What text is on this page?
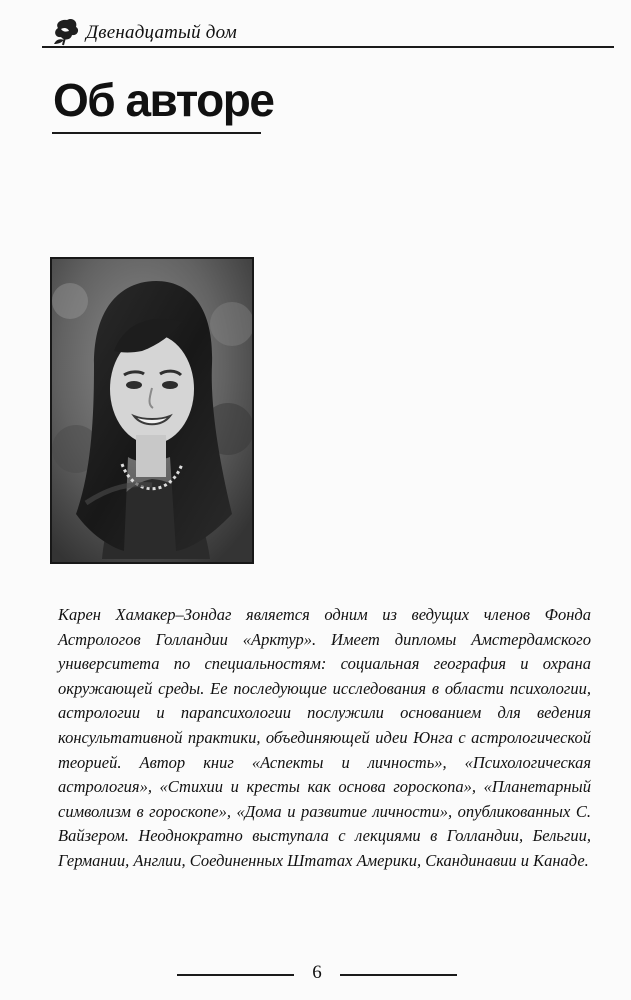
Двенадцатый дом
Об авторе
Карен Хамакер–Зондаг является одним из ведущих членов Фонда Астрологов Голландии «Арктур». Имеет дипломы Амстердамского университета по специальностям: социальная география и охрана окружающей среды. Ее последующие исследования в области психологии, астрологии и парапсихологии послужили основанием для ведения консультативной практики, объединяющей идеи Юнга с астрологической теорией. Автор книг «Аспекты и личность», «Психологическая астрология», «Стихии и кресты как основа гороскопа», «Планетарный символизм в гороскопе», «Дома и развитие личности», опубликованных С. Вайзером. Неоднократно выступала с лекциями в Голландии, Бельгии, Германии, Англии, Соединенных Штатах Америки, Скандинавии и Канаде.
6
